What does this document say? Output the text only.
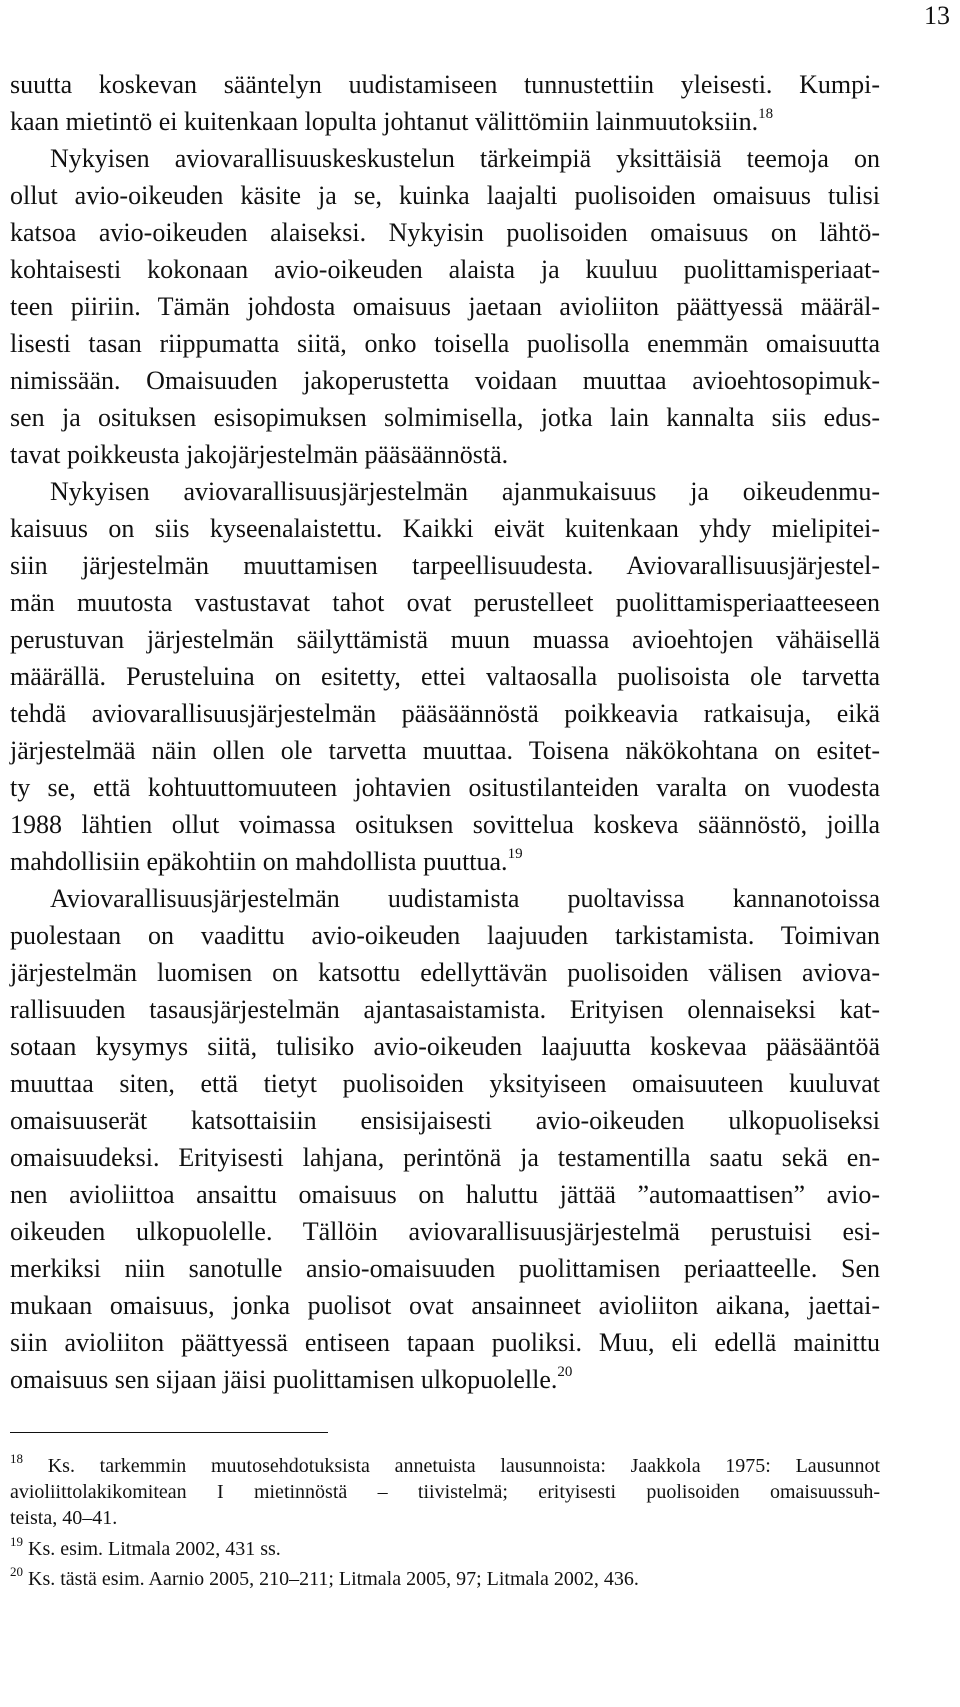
13
suutta koskevan sääntelyn uudistamiseen tunnustettiin yleisesti. Kumpi-
kaan mietintö ei kuitenkaan lopulta johtanut välittömiin lainmuutoksiin.$^{18}$
Nykyisen aviovarallisuuskeskustelun tärkeimpiä yksittäisiä teemoja on
ollut avio-oikeuden käsite ja se, kuinka laajalti puolisoiden omaisuus tulisi
katsoa avio-oikeuden alaiseksi. Nykyisin puolisoiden omaisuus on lähtö-
kohtaisesti kokonaan avio-oikeuden alaista ja kuuluu puolittamisperiaat-
teen piiriin. Tämän johdosta omaisuus jaetaan avioliiton päättyessä määräl-
lisesti tasan riippumatta siitä, onko toisella puolisolla enemmän omaisuutta
nimissään. Omaisuuden jakoperustetta voidaan muuttaa avioehtosopimuk-
sen ja osituksen esisopimuksen solmimisella, jotka lain kannalta siis edus-
tavat poikkeusta jakojärjestelmän pääsäännöstä.
Nykyisen aviovarallisuusjärjestelmän ajanmukaisuus ja oikeudenmu-
kaisuus on siis kyseenalaistettu. Kaikki eivät kuitenkaan yhdy mielipitei-
siin järjestelmän muuttamisen tarpeellisuudesta. Aviovarallisuusjärjestel-
män muutosta vastustavat tahot ovat perustelleet puolittamisperiaatteeseen
perustuvan järjestelmän säilyttämistä muun muassa avioehtojen vähäisellä
määrällä. Perusteluina on esitetty, ettei valtaosalla puolisoista ole tarvetta
tehdä aviovarallisuusjärjestelmän pääsäännöstä poikkeavia ratkaisuja, eikä
järjestelmää näin ollen ole tarvetta muuttaa. Toisena näkökohtana on esitet-
ty se, että kohtuuttomuuteen johtavien ositustilanteiden varalta on vuodesta
1988 lähtien ollut voimassa osituksen sovittelua koskeva säännöstö, joilla
mahdollisiin epäkohtiin on mahdollista puuttua.$^{19}$
Aviovarallisuusjärjestelmän uudistamista puoltavissa kannanotoissa
puolestaan on vaadittu avio-oikeuden laajuuden tarkistamista. Toimivan
järjestelmän luomisen on katsottu edellyttävän puolisoiden välisen aviova-
rallisuuden tasausjärjestelmän ajantasaistamista. Erityisen olennaiseksi kat-
sotaan kysymys siitä, tulisiko avio-oikeuden laajuutta koskevaa pääsääntöä
muuttaa siten, että tietyt puolisoiden yksityiseen omaisuuteen kuuluvat
omaisuuserät katsottaisiin ensisijaisesti avio-oikeuden ulkopuoliseksi
omaisuudeksi. Erityisesti lahjana, perintönä ja testamentilla saatu sekä en-
nen avioliittoa ansaittu omaisuus on haluttu jättää ”automaattisen” avio-
oikeuden ulkopuolelle. Tällöin aviovarallisuusjärjestelmä perustuisi esi-
merkiksi niin sanotulle ansio-omaisuuden puolittamisen periaatteelle. Sen
mukaan omaisuus, jonka puolisot ovat ansainneet avioliiton aikana, jaettai-
siin avioliiton päättyessä entiseen tapaan puoliksi. Muu, eli edellä mainittu
omaisuus sen sijaan jäisi puolittamisen ulkopuolelle.$^{20}$
$^{18}$ Ks. tarkemmin muutosehdotuksista annetuista lausunnoista: Jaakkola 1975: Lausunnot
avioliittolakikomitean I mietinnöstä – tiivistelmä; erityisesti puolisoiden omaisuussuh-
teista, 40–41.
$^{19}$ Ks. esim. Litmala 2002, 431 ss.
$^{20}$ Ks. tästä esim. Aarnio 2005, 210–211; Litmala 2005, 97; Litmala 2002, 436.
